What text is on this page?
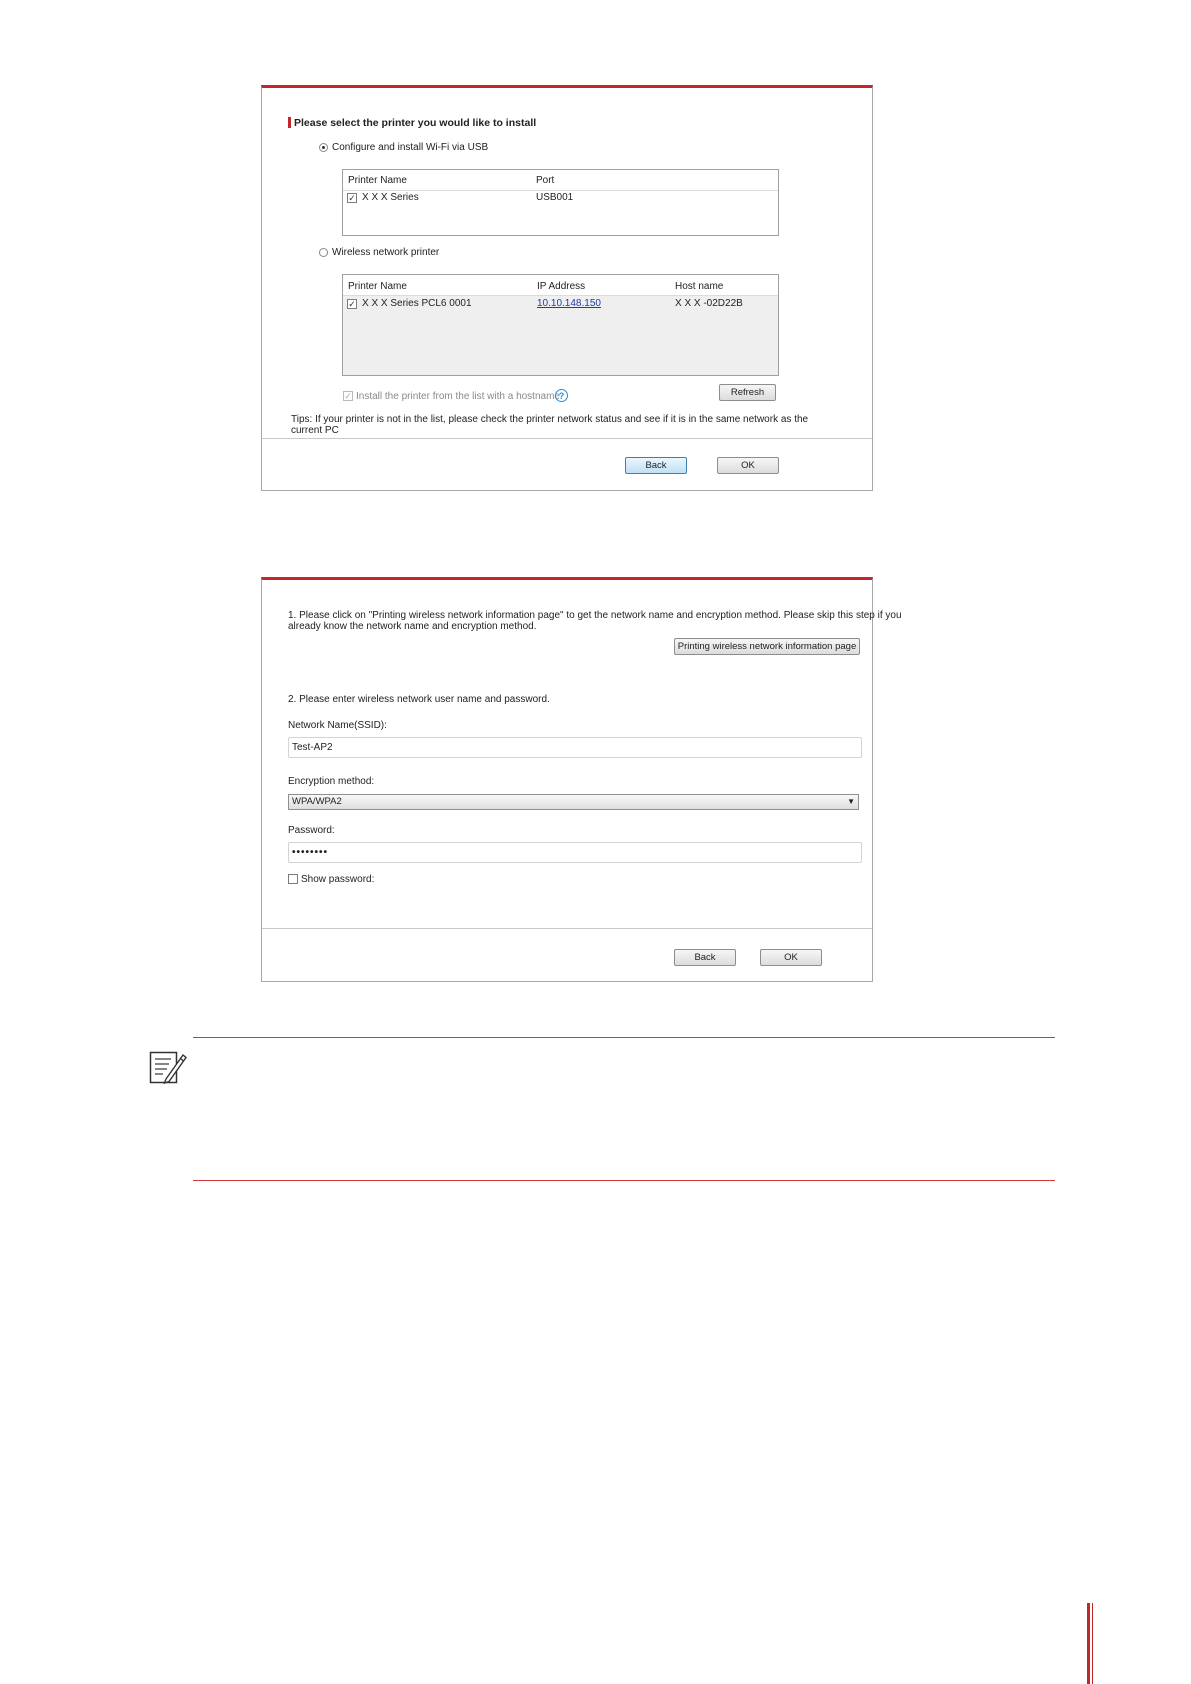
Please select the printer you would like to install
Configure and install Wi-Fi via USB
Printer Name	Port
✓ X X X Series	USB001
Wireless network printer
Printer Name	IP Address	Host name
✓ X X X Series PCL6 0001	10.10.148.150	X X X -02D22B
✓ Install the printer from the list with a hostname
?	Refresh
Tips: If your printer is not in the list, please check the printer network status and see if it is in the same network as the
current PC
Back	OK
1. Please click on "Printing wireless network information page" to get the network name and encryption method. Please skip this step if you
already know the network name and encryption method.
Printing wireless network information page
2. Please enter wireless network user name and password.
Network Name(SSID):
Test-AP2
Encryption method:
WPA/WPA2	▼
Password:
••••••••
Show password:
Back	OK
